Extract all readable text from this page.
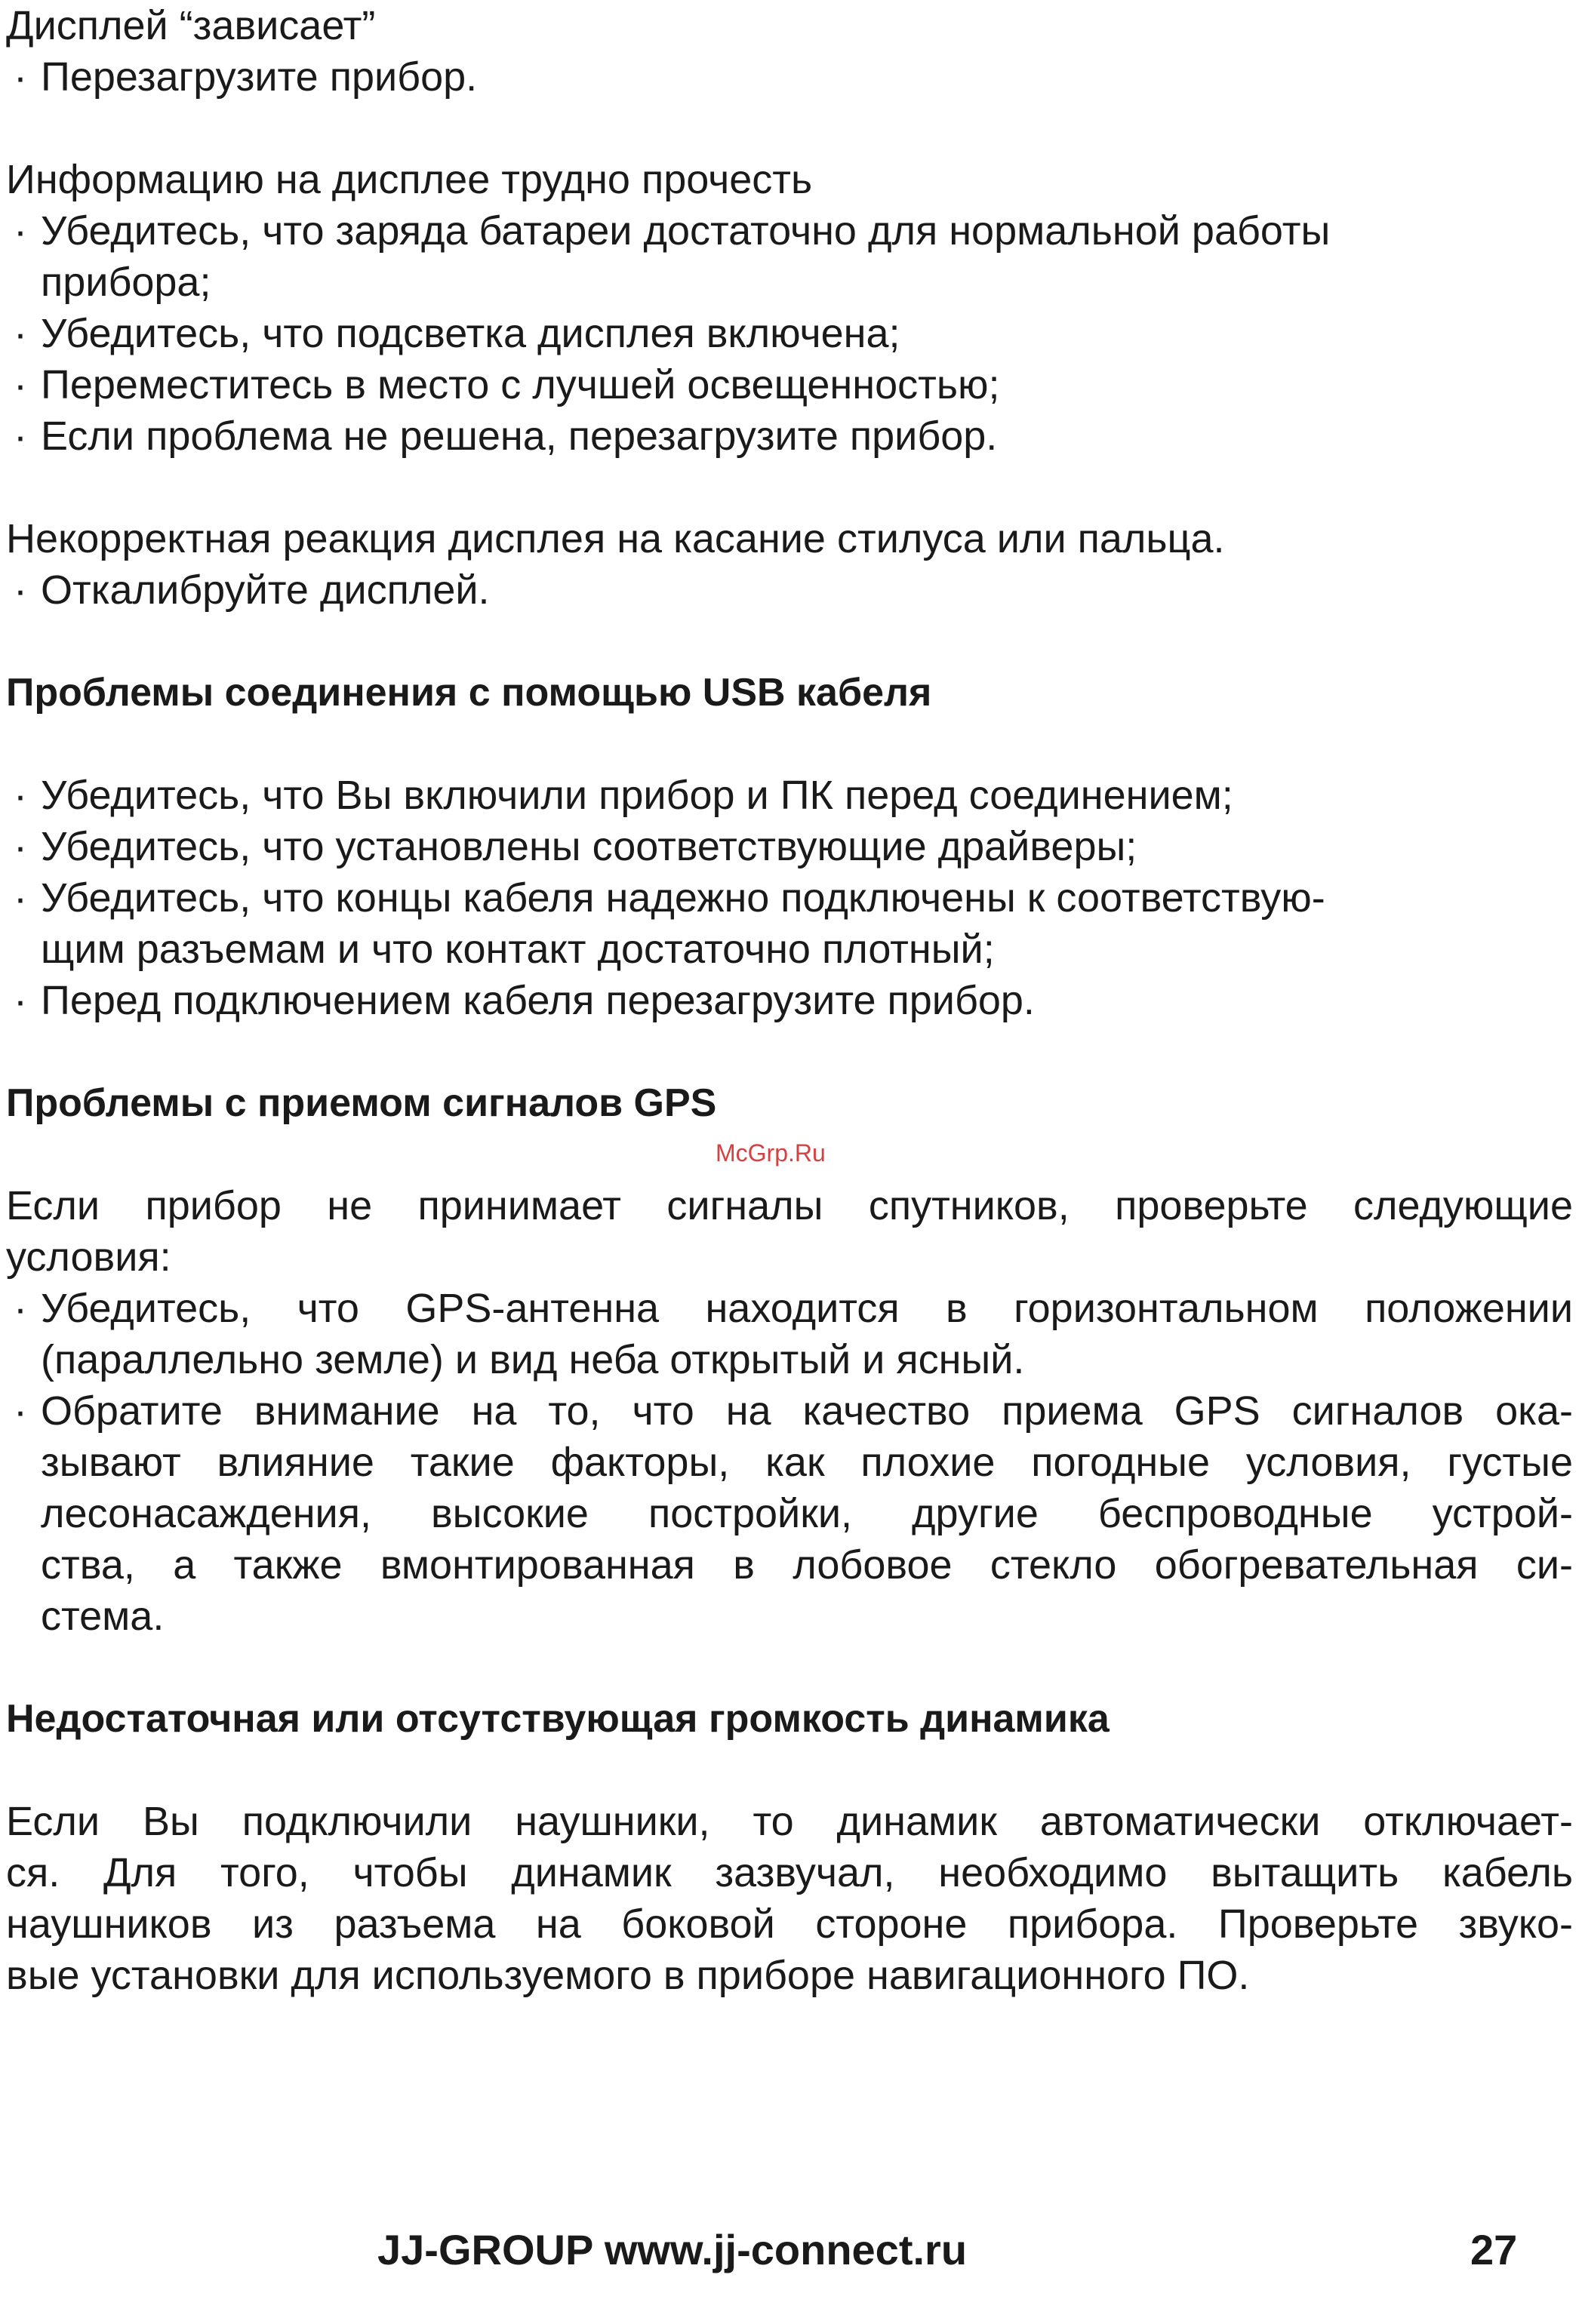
Дисплей “зависает”
· Перезагрузите прибор.
Информацию на дисплее трудно прочесть
· Убедитесь, что заряда батареи достаточно для нормальной работы
прибора;
· Убедитесь, что подсветка дисплея включена;
· Переместитесь в место с лучшей освещенностью;
· Если проблема не решена, перезагрузите прибор.
Некорректная реакция дисплея на касание стилуса или пальца.
· Откалибруйте дисплей.
Проблемы соединения с помощью USB кабеля
· Убедитесь, что Вы включили прибор и ПК перед соединением;
· Убедитесь, что установлены соответствующие драйверы;
· Убедитесь, что концы кабеля надежно подключены к соответствую-
щим разъемам и что контакт достаточно плотный;
· Перед подключением кабеля перезагрузите прибор.
Проблемы с приемом сигналов GPS
Если прибор не принимает сигналы спутников, проверьте следующие
условия:
· Убедитесь, что GPS-антенна находится в горизонтальном положении
(параллельно земле) и вид неба открытый и ясный.
· Обратите внимание на то, что на качество приема GPS сигналов ока-
зывают влияние такие факторы, как плохие погодные условия, густые
лесонасаждения, высокие постройки, другие беспроводные устрой-
ства, а также вмонтированная в лобовое стекло обогревательная си-
стема.
Недостаточная или отсутствующая громкость динамика
Если Вы подключили наушники, то динамик автоматически отключает-
ся. Для того, чтобы динамик зазвучал, необходимо вытащить кабель
наушников из разъема на боковой стороне прибора. Проверьте звуко-
вые установки для используемого в приборе навигационного ПО.
McGrp.Ru
JJ-GROUP www.jj-connect.ru	27
